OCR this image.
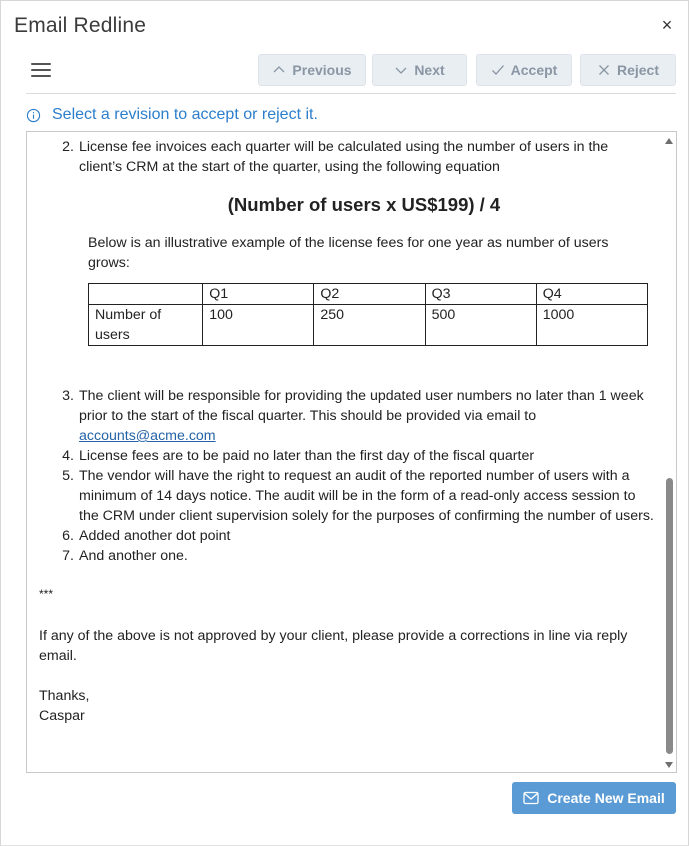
Email Redline	×
Previous	Next	Accept	Reject
Select a revision to accept or reject it.
2. License fee invoices each quarter will be calculated using the number of users in the client’s CRM at the start of the quarter, using the following equation
(Number of users x US$199) / 4
Below is an illustrative example of the license fees for one year as number of users grows:
	Q1	Q2	Q3	Q4
Number of users	100	250	500	1000
3. The client will be responsible for providing the updated user numbers no later than 1 week prior to the start of the fiscal quarter. This should be provided via email to accounts@acme.com
4. License fees are to be paid no later than the first day of the fiscal quarter
5. The vendor will have the right to request an audit of the reported number of users with a minimum of 14 days notice. The audit will be in the form of a read-only access session to the CRM under client supervision solely for the purposes of confirming the number of users.
6. Added another dot point
7. And another one.
***
If any of the above is not approved by your client, please provide a corrections in line via reply email.
Thanks,
Caspar
Create New Email
